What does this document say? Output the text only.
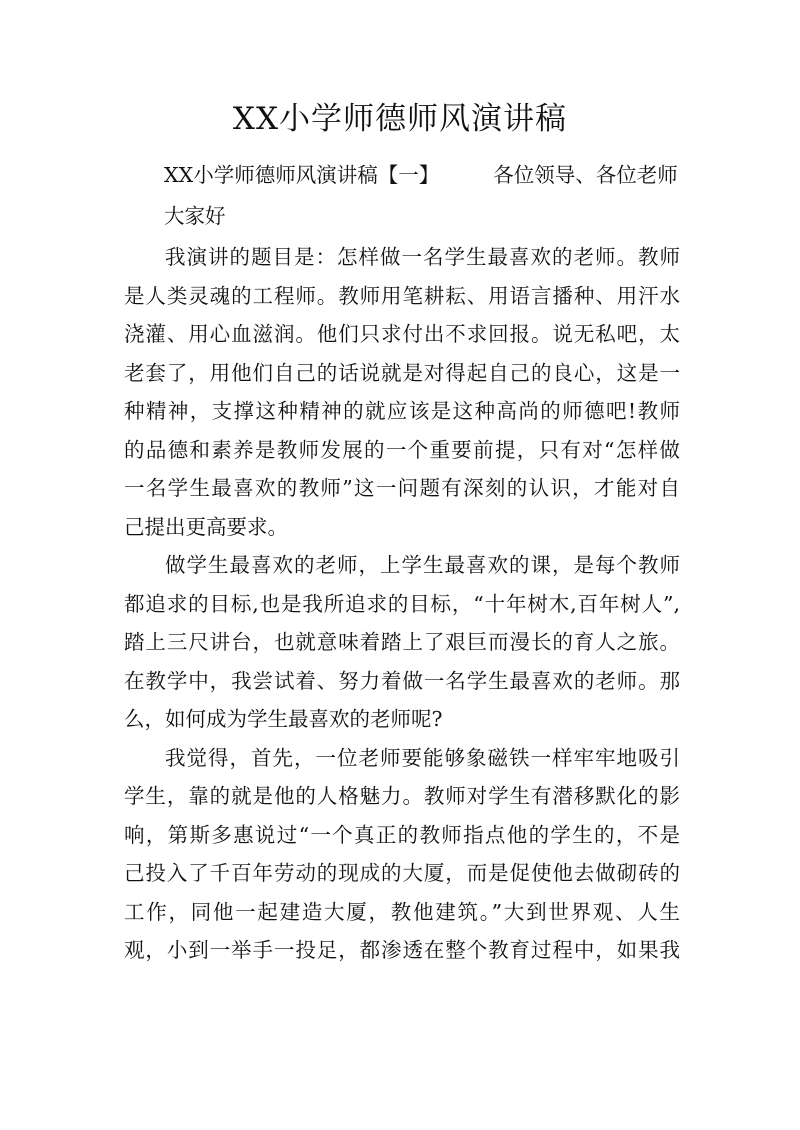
XX小学师德师风演讲稿
XX小学师德师风演讲稿【一】	各位领导、各位老师
大家好

我演讲的题目是：怎样做一名学生最喜欢的老师。教师
是人类灵魂的工程师。教师用笔耕耘、用语言播种、用汗水
浇灌、用心血滋润。他们只求付出不求回报。说无私吧，太
老套了，用他们自己的话说就是对得起自己的良心，这是一
种精神，支撑这种精神的就应该是这种高尚的师德吧!教师
的品德和素养是教师发展的一个重要前提，只有对“怎样做
一名学生最喜欢的教师”这一问题有深刻的认识，才能对自
己提出更高要求。

做学生最喜欢的老师，上学生最喜欢的课，是每个教师
都追求的目标,也是我所追求的目标，“十年树木,百年树人”,
踏上三尺讲台，也就意味着踏上了艰巨而漫长的育人之旅。
在教学中，我尝试着、努力着做一名学生最喜欢的老师。那
么，如何成为学生最喜欢的老师呢?

我觉得，首先，一位老师要能够象磁铁一样牢牢地吸引
学生，靠的就是他的人格魅力。教师对学生有潜移默化的影
响，第斯多惠说过“一个真正的教师指点他的学生的，不是
己投入了千百年劳动的现成的大厦，而是促使他去做砌砖的
工作，同他一起建造大厦，教他建筑。”大到世界观、人生
观，小到一举手一投足，都渗透在整个教育过程中，如果我
